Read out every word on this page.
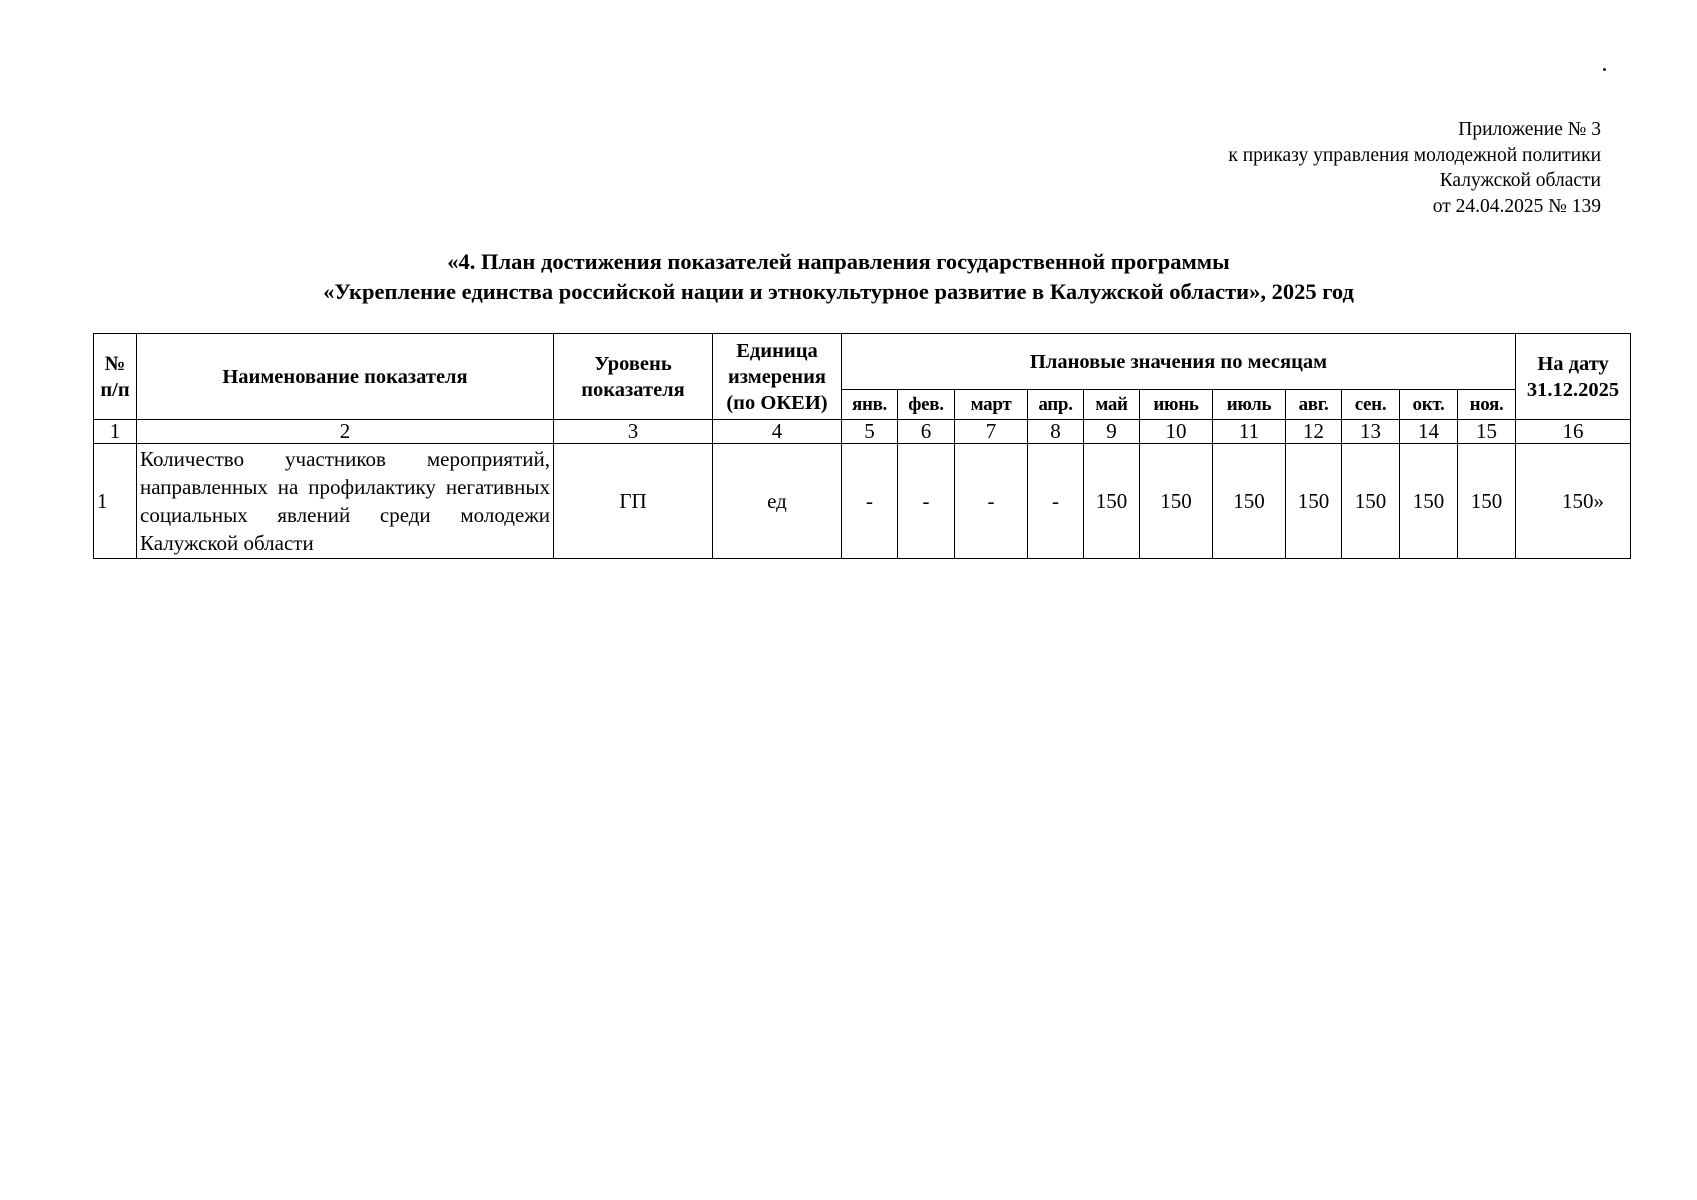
Приложение № 3
к приказу управления молодежной политики
Калужской области
от 24.04.2025 № 139
«4. План достижения показателей направления государственной программы
«Укрепление единства российской нации и этнокультурное развитие в Калужской области», 2025 год
№ п/п	Наименование показателя	Уровень показателя	Единица измерения (по ОКЕИ)	Плановые значения по месяцам											На дату 31.12.2025
				янв.	фев.	март	апр.	май	июнь	июль	авг.	сен.	окт.	ноя.	
1	2	3	4	5	6	7	8	9	10	11	12	13	14	15	16
1	Количество участников мероприятий, направленных на профилактику негативных социальных явлений среди молодежи Калужской области	ГП	ед	-	-	-	-	150	150	150	150	150	150	150	150»
